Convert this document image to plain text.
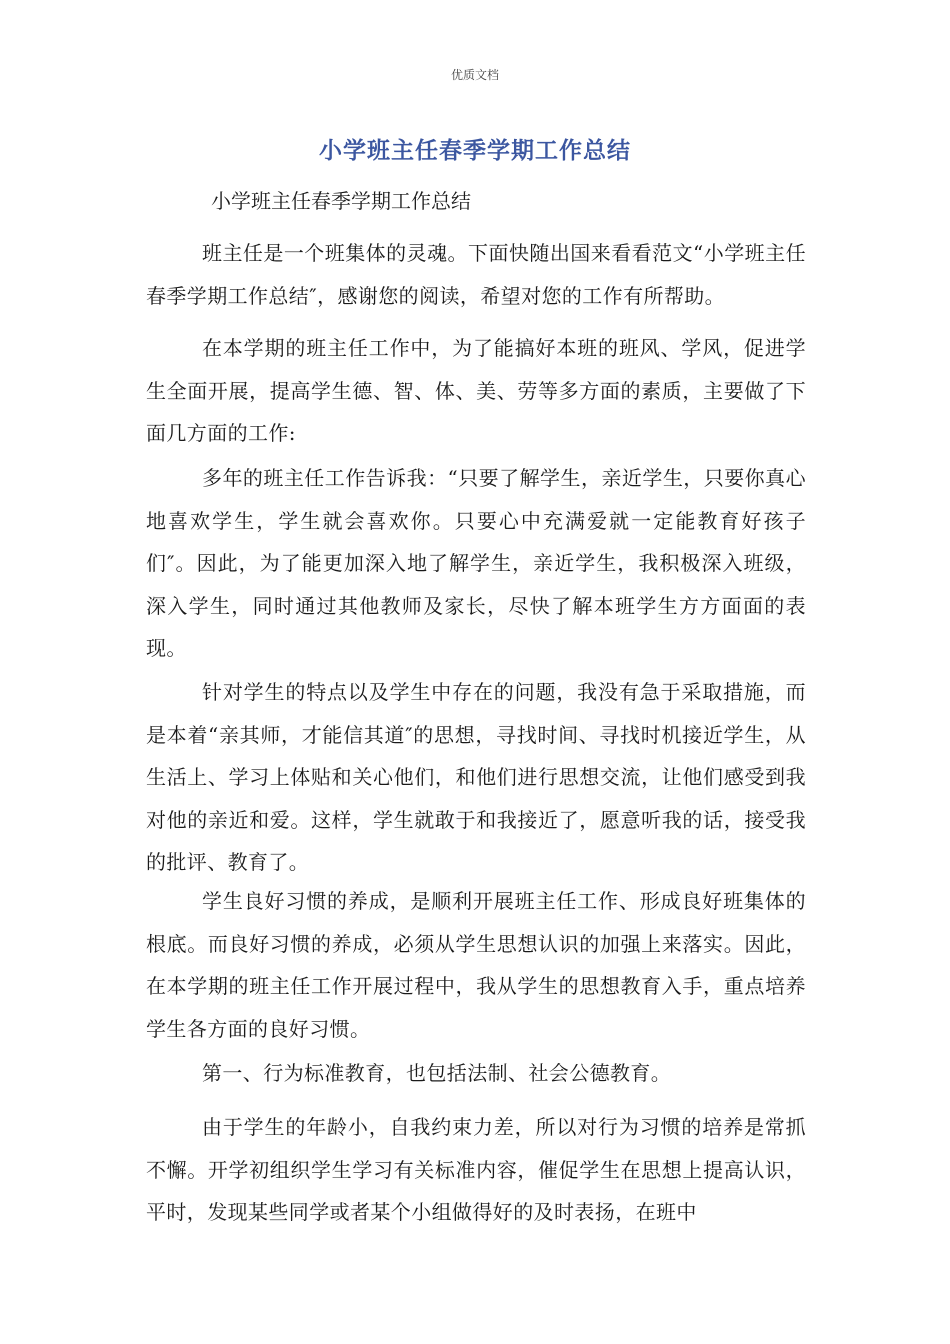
优质文档
小学班主任春季学期工作总结
小学班主任春季学期工作总结

班主任是一个班集体的灵魂。下面快随出国来看看范文“小学班主任春季学期工作总结″，感谢您的阅读，希望对您的工作有所帮助。

在本学期的班主任工作中，为了能搞好本班的班风、学风，促进学生全面开展，提高学生德、智、体、美、劳等多方面的素质，主要做了下面几方面的工作:

多年的班主任工作告诉我：“只要了解学生，亲近学生，只要你真心地喜欢学生，学生就会喜欢你。只要心中充满爱就一定能教育好孩子们″。因此，为了能更加深入地了解学生，亲近学生，我积极深入班级，深入学生，同时通过其他教师及家长，尽快了解本班学生方方面面的表现。

针对学生的特点以及学生中存在的问题，我没有急于采取措施，而是本着“亲其师，才能信其道″的思想，寻找时间、寻找时机接近学生，从生活上、学习上体贴和关心他们，和他们进行思想交流，让他们感受到我对他的亲近和爱。这样，学生就敢于和我接近了，愿意听我的话，接受我的批评、教育了。

学生良好习惯的养成，是顺利开展班主任工作、形成良好班集体的根底。而良好习惯的养成，必须从学生思想认识的加强上来落实。因此，在本学期的班主任工作开展过程中，我从学生的思想教育入手，重点培养学生各方面的良好习惯。

第一、行为标准教育，也包括法制、社会公德教育。

由于学生的年龄小，自我约束力差，所以对行为习惯的培养是常抓不懈。开学初组织学生学习有关标准内容，催促学生在思想上提高认识，平时，发现某些同学或者某个小组做得好的及时表扬，在班中
